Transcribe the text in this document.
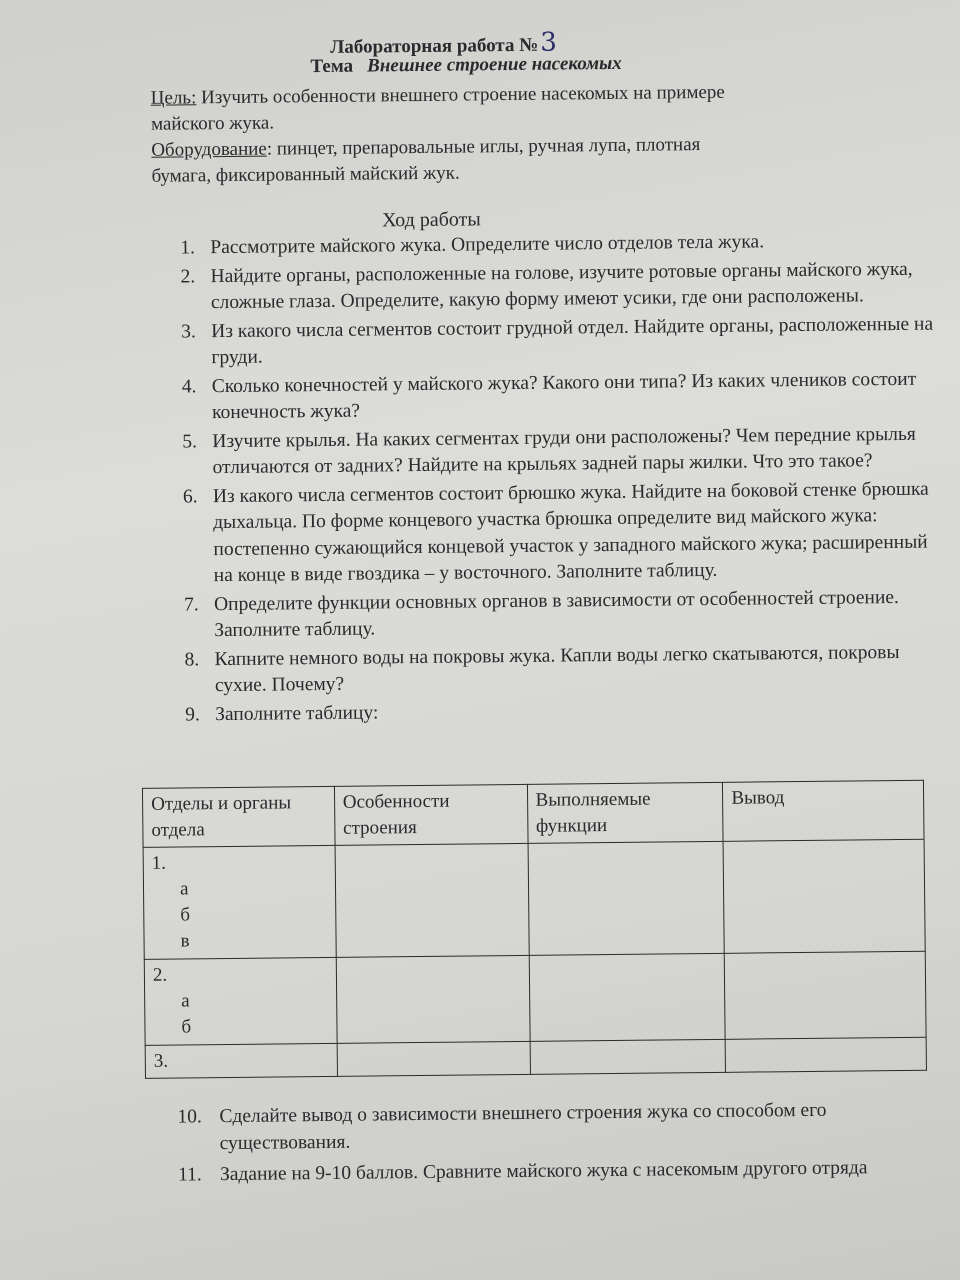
Лабораторная работа №3
Тема Внешнее строение насекомых
Цель: Изучить особенности внешнего строение насекомых на примере
майского жука.
Оборудование: пинцет, препаровальные иглы, ручная лупа, плотная
бумага, фиксированный майский жук.
Ход работы
1. Рассмотрите майского жука. Определите число отделов тела жука.
2. Найдите органы, расположенные на голове, изучите ротовые органы майского жука, сложные глаза. Определите, какую форму имеют усики, где они расположены.
3. Из какого числа сегментов состоит грудной отдел. Найдите органы, расположенные на груди.
4. Сколько конечностей у майского жука? Какого они типа? Из каких члеников состоит конечность жука?
5. Изучите крылья. На каких сегментах груди они расположены? Чем передние крылья отличаются от задних? Найдите на крыльях задней пары жилки. Что это такое?
6. Из какого числа сегментов состоит брюшко жука. Найдите на боковой стенке брюшка дыхальца. По форме концевого участка брюшка определите вид майского жука: постепенно сужающийся концевой участок у западного майского жука; расширенный на конце в виде гвоздика – у восточного. Заполните таблицу.
7. Определите функции основных органов в зависимости от особенностей строение. Заполните таблицу.
8. Капните немного воды на покровы жука. Капли воды легко скатываются, покровы сухие. Почему?
9. Заполните таблицу:
Отделы и органы отдела	Особенности строения	Выполняемые функции	Вывод

1.
а
б
в			

2.
а
б			

3.			

10. Сделайте вывод о зависимости внешнего строения жука со способом его существования.
11. Задание на 9-10 баллов. Сравните майского жука с насекомым другого отряда
